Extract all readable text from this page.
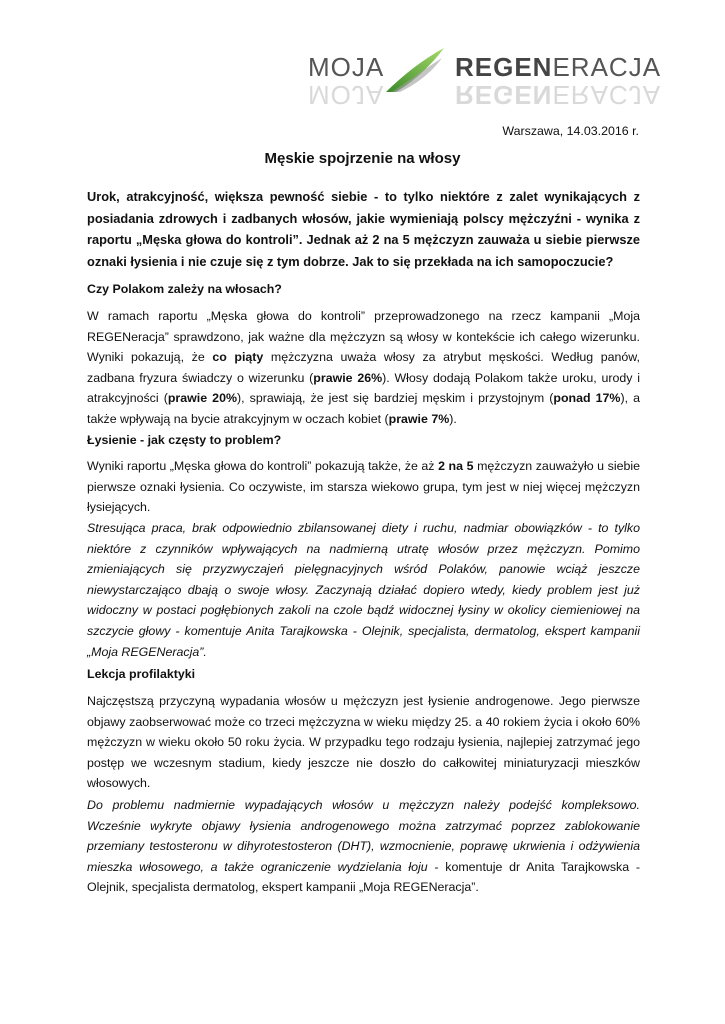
MOJA	REGENERACJA
MOJA	REGENERACJA
Warszawa, 14.03.2016 r.
Męskie spojrzenie na włosy

Urok, atrakcyjność, większa pewność siebie - to tylko niektóre z zalet wynikających z posiadania zdrowych i zadbanych włosów, jakie wymieniają polscy mężczyźni - wynika z raportu „Męska głowa do kontroli”. Jednak aż 2 na 5 mężczyzn zauważa u siebie pierwsze oznaki łysienia i nie czuje się z tym dobrze. Jak to się przekłada na ich samopoczucie?

Czy Polakom zależy na włosach?

W ramach raportu „Męska głowa do kontroli” przeprowadzonego na rzecz kampanii „Moja REGENeracja” sprawdzono, jak ważne dla mężczyzn są włosy w kontekście ich całego wizerunku. Wyniki pokazują, że co piąty mężczyzna uważa włosy za atrybut męskości. Według panów, zadbana fryzura świadczy o wizerunku (prawie 26%). Włosy dodają Polakom także uroku, urody i atrakcyjności (prawie 20%), sprawiają, że jest się bardziej męskim i przystojnym (ponad 17%), a także wpływają na bycie atrakcyjnym w oczach kobiet (prawie 7%).

Łysienie - jak częsty to problem?

Wyniki raportu „Męska głowa do kontroli” pokazują także, że aż 2 na 5 mężczyzn zauważyło u siebie pierwsze oznaki łysienia. Co oczywiste, im starsza wiekowo grupa, tym jest w niej więcej mężczyzn łysiejących.

Stresująca praca, brak odpowiednio zbilansowanej diety i ruchu, nadmiar obowiązków - to tylko niektóre z czynników wpływających na nadmierną utratę włosów przez mężczyzn. Pomimo zmieniających się przyzwyczajeń pielęgnacyjnych wśród Polaków, panowie wciąż jeszcze niewystarczająco dbają o swoje włosy. Zaczynają działać dopiero wtedy, kiedy problem jest już widoczny w postaci pogłębionych zakoli na czole bądź widocznej łysiny w okolicy ciemieniowej na szczycie głowy - komentuje Anita Tarajkowska - Olejnik, specjalista, dermatolog, ekspert kampanii „Moja REGENeracja”.

Lekcja profilaktyki

Najczęstszą przyczyną wypadania włosów u mężczyzn jest łysienie androgenowe. Jego pierwsze objawy zaobserwować może co trzeci mężczyzna w wieku między 25. a 40 rokiem życia i około 60% mężczyzn w wieku około 50 roku życia. W przypadku tego rodzaju łysienia, najlepiej zatrzymać jego postęp we wczesnym stadium, kiedy jeszcze nie doszło do całkowitej miniaturyzacji mieszków włosowych.

Do problemu nadmiernie wypadających włosów u mężczyzn należy podejść kompleksowo. Wcześnie wykryte objawy łysienia androgenowego można zatrzymać poprzez zablokowanie przemiany testosteronu w dihyrotestosteron (DHT), wzmocnienie, poprawę ukrwienia i odżywienia mieszka włosowego, a także ograniczenie wydzielania łoju - komentuje dr Anita Tarajkowska - Olejnik, specjalista dermatolog, ekspert kampanii „Moja REGENeracja”.
